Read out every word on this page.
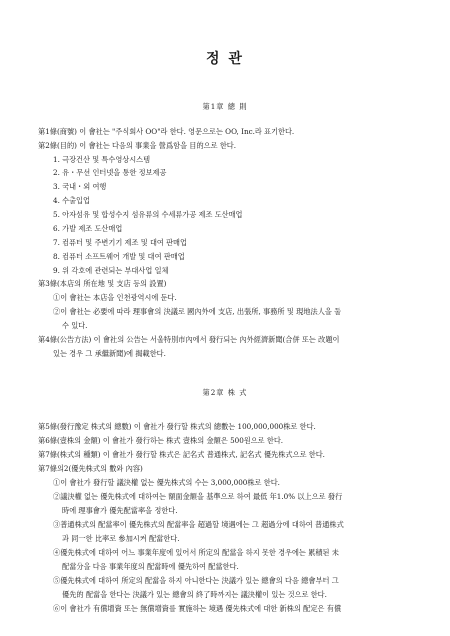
정 관
第1章 總 則
第1條(商號) 이 會社는 "주식회사 OO"라 한다. 영문으로는 OO, Inc.라 표기한다.
第2條(目的) 이 會社는 다음의 事業을 營爲함을 目的으로 한다.
1. 극장건산 및 특수영상시스템
2. 유・무선 인터넷을 통한 정보제공
3. 국내・외 여행
4. 수출입업
5. 아자섬유 및 합성수지 섬유류의 수세류가공 제조 도산매업
6. 가발 제조 도산매업
7. 컴퓨터 및 주변기기 제조 및 대여 판매업
8. 컴퓨터 소프트웨어 개발 및 대여 판매업
9. 위 각호에 관련되는 부대사업 일체
第3條(本店의 所在地 및 支店 등의 設置)
①이 會社는 本店을 인천광역시에 둔다.
②이 會社는 必要에 따라 理事會의 決議로 國內外에 支店, 出張所, 事務所 및 現地法人을 둘
수 있다.
第4條(公告方法) 이 會社의 公告는 서울特別市內에서 發行되는 內外經濟新聞(合併 또는 改題이
있는 경우 그 承繼新聞)에 揭載한다.
第2章 株 式
第5條(發行豫定 株式의 總數) 이 會社가 發行할 株式의 總數는 100,000,000株로 한다.
第6條(壹株의 金額) 이 會社가 發行하는 株式 壹株의 金額은 500원으로 한다.
第7條(株式의 種類) 이 會社가 發行할 株式은 記名式 普通株式, 記名式 優先株式으로 한다.
第7條의2(優先株式의 數와 內容)
①이 會社가 發行할 議決權 없는 優先株式의 수는 3,000,000株로 한다.
②議決權 없는 優先株式에 대하여는 額面金額을 基準으로 하여 最低 年1.0% 以上으로 發行
時에 理事會가 優先配當率을 정한다.
③普通株式의 配當率이 優先株式의 配當率을 超過할 境遇에는 그 超過分에 대하여 普通株式
과 同一한 比率로 參加시켜 配當한다.
④優先株式에 대하여 어느 事業年度에 있어서 所定의 配當을 하지 못한 경우에는 累積된 未
配當分을 다음 事業年度의 配當時에 優先하여 配當한다.
⑤優先株式에 대하여 所定의 配當을 하지 아니한다는 決議가 있는 總會의 다음 總會부터 그
優先的 配當을 한다는 決議가 있는 總會의 終了時까지는 議決權이 있는 것으로 한다.
⑥이 會社가 有償增資 또는 無償增資를 實施하는 境遇 優先株式에 대한 新株의 配定은 有償
